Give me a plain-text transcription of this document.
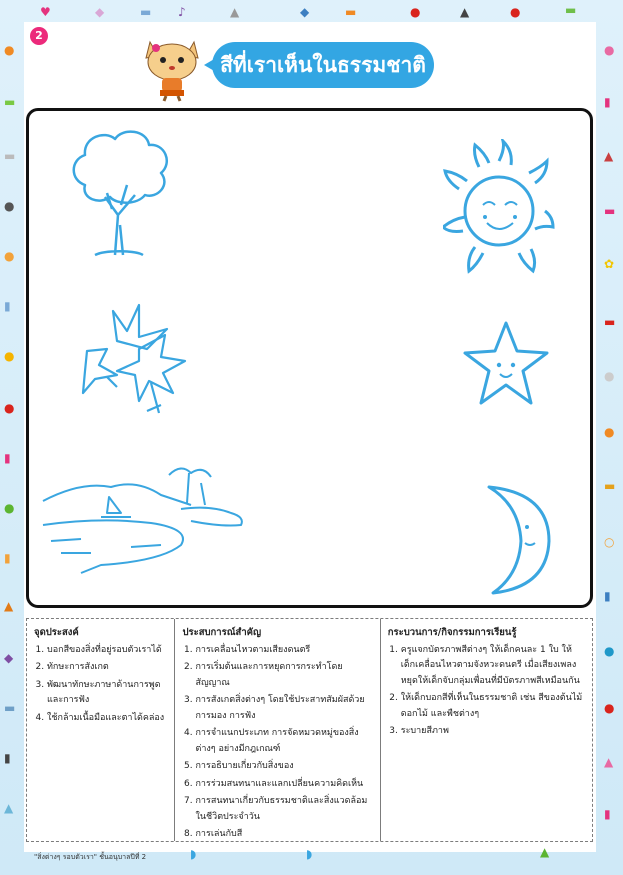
●
▬
▬
●
●
▮
●
●
▮
●
▮
▲
◆
▬
▮
▲
●
▮
▲
▬
✿
▬
●
●
▬
○
▮
●
●
▲
▮
♥	◆	▬ ♪	▲	◆	▬	●	▲	●	▬
2
สีที่เราเห็นในธรรมชาติ
จุดประสงค์
1. บอกสีของสิ่งที่อยู่รอบตัวเราได้
2. ทักษะการสังเกต
3. พัฒนาทักษะภาษาด้านการพูดและการฟัง
4. ใช้กล้ามเนื้อมือและตาได้คล่อง
ประสบการณ์สำคัญ
1. การเคลื่อนไหวตามเสียงดนตรี
2. การเริ่มต้นและการหยุดการกระทำโดยสัญญาณ
3. การสังเกตสิ่งต่างๆ โดยใช้ประสาทสัมผัสด้วยการมอง การฟัง
4. การจำแนกประเภท การจัดหมวดหมู่ของสิ่งต่างๆ อย่างมีกฎเกณฑ์
5. การอธิบายเกี่ยวกับสิ่งของ
6. การร่วมสนทนาและแลกเปลี่ยนความคิดเห็น
7. การสนทนาเกี่ยวกับธรรมชาติและสิ่งแวดล้อมในชีวิตประจำวัน
8. การเล่นกับสี
กระบวนการ/กิจกรรมการเรียนรู้
1. ครูแจกบัตรภาพสีต่างๆ ให้เด็กคนละ 1 ใบ ให้เด็กเคลื่อนไหวตามจังหวะดนตรี เมื่อเสียงเพลงหยุดให้เด็กจับกลุ่มเพื่อนที่มีบัตรภาพสีเหมือนกัน
2. ให้เด็กบอกสีที่เห็นในธรรมชาติ เช่น สีของต้นไม้ ดอกไม้ และพืชต่างๆ
3. ระบายสีภาพ
"สิ่งต่างๆ รอบตัวเรา" ชั้นอนุบาลปีที่ 2	◗	◗	▲
